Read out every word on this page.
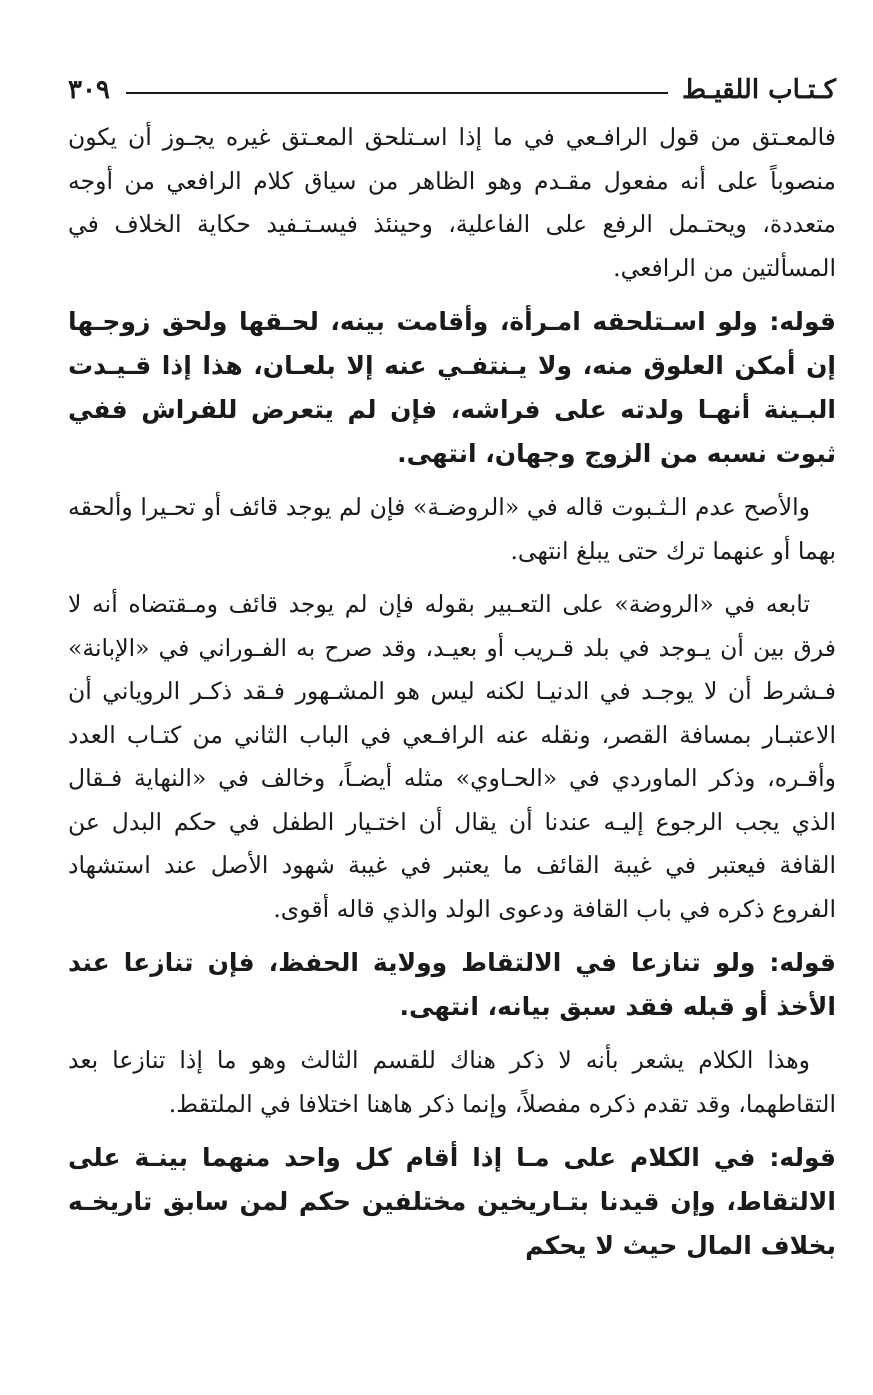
كـتـاب اللقيـط
٣٠٩

فالمعـتق من قول الرافـعي في ما إذا اسـتلحق المعـتق غيره يجـوز أن يكون منصوباً على أنه مفعول مقـدم وهو الظاهر من سياق كلام الرافعي من أوجه متعددة، ويحتـمل الرفع على الفاعلية، وحينئذ فيسـتـفيد حكاية الخلاف في المسألتين من الرافعي.

قوله: ولو اسـتلحقه امـرأة، وأقامت بينه، لحـقها ولحق زوجـها إن أمكن العلوق منه، ولا يـنتفـي عنه إلا بلعـان، هذا إذا قـيـدت البـينة أنهـا ولدته على فراشه، فإن لم يتعرض للفراش ففي ثبوت نسبه من الزوج وجهان، انتهى.

والأصح عدم الـثـبوت قاله في «الروضـة» فإن لم يوجد قائف أو تحـيرا وألحقه بهما أو عنهما ترك حتى يبلغ انتهى.

تابعه في «الروضة» على التعـبير بقوله فإن لم يوجد قائف ومـقتضاه أنه لا فرق بين أن يـوجد في بلد قـريب أو بعيـد، وقد صرح به الفـوراني في «الإبانة» فـشرط أن لا يوجـد في الدنيـا لكنه ليس هو المشـهور فـقد ذكـر الروياني أن الاعتبـار بمسافة القصر، ونقله عنه الرافـعي في الباب الثاني من كتـاب العدد وأقـره، وذكر الماوردي في «الحـاوي» مثله أيضـاً، وخالف في «النهاية فـقال الذي يجب الرجوع إليـه عندنا أن يقال أن اختـيار الطفل في حكم البدل عن القافة فيعتبر في غيبة القائف ما يعتبر في غيبة شهود الأصل عند استشهاد الفروع ذكره في باب القافة ودعوى الولد والذي قاله أقوى.

قوله: ولو تنازعا في الالتقاط وولاية الحفظ، فإن تنازعا عند الأخذ أو قبله فقد سبق بيانه، انتهى.

وهذا الكلام يشعر بأنه لا ذكر هناك للقسم الثالث وهو ما إذا تنازعا بعد التقاطهما، وقد تقدم ذكره مفصلاً، وإنما ذكر هاهنا اختلافا في الملتقط.

قوله: في الكلام على مـا إذا أقام كل واحد منهما بينـة على الالتقاط، وإن قيدنا بتـاريخين مختلفين حكم لمن سابق تاريخـه بخلاف المال حيث لا يحكم
